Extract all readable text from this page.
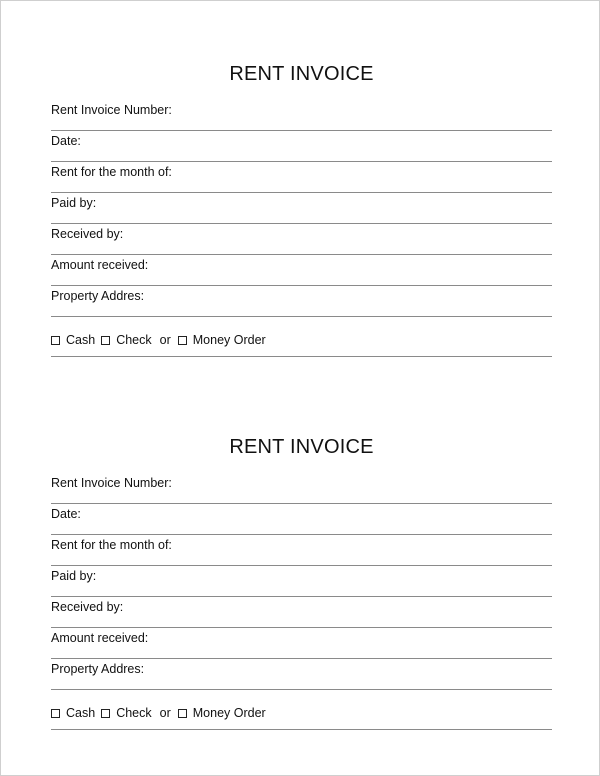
RENT INVOICE
Rent Invoice Number:
Date:
Rent for the month of:
Paid by:
Received by:
Amount received:
Property Addres:
Cash Check or Money Order
RENT INVOICE
Rent Invoice Number:
Date:
Rent for the month of:
Paid by:
Received by:
Amount received:
Property Addres:
Cash Check or Money Order
